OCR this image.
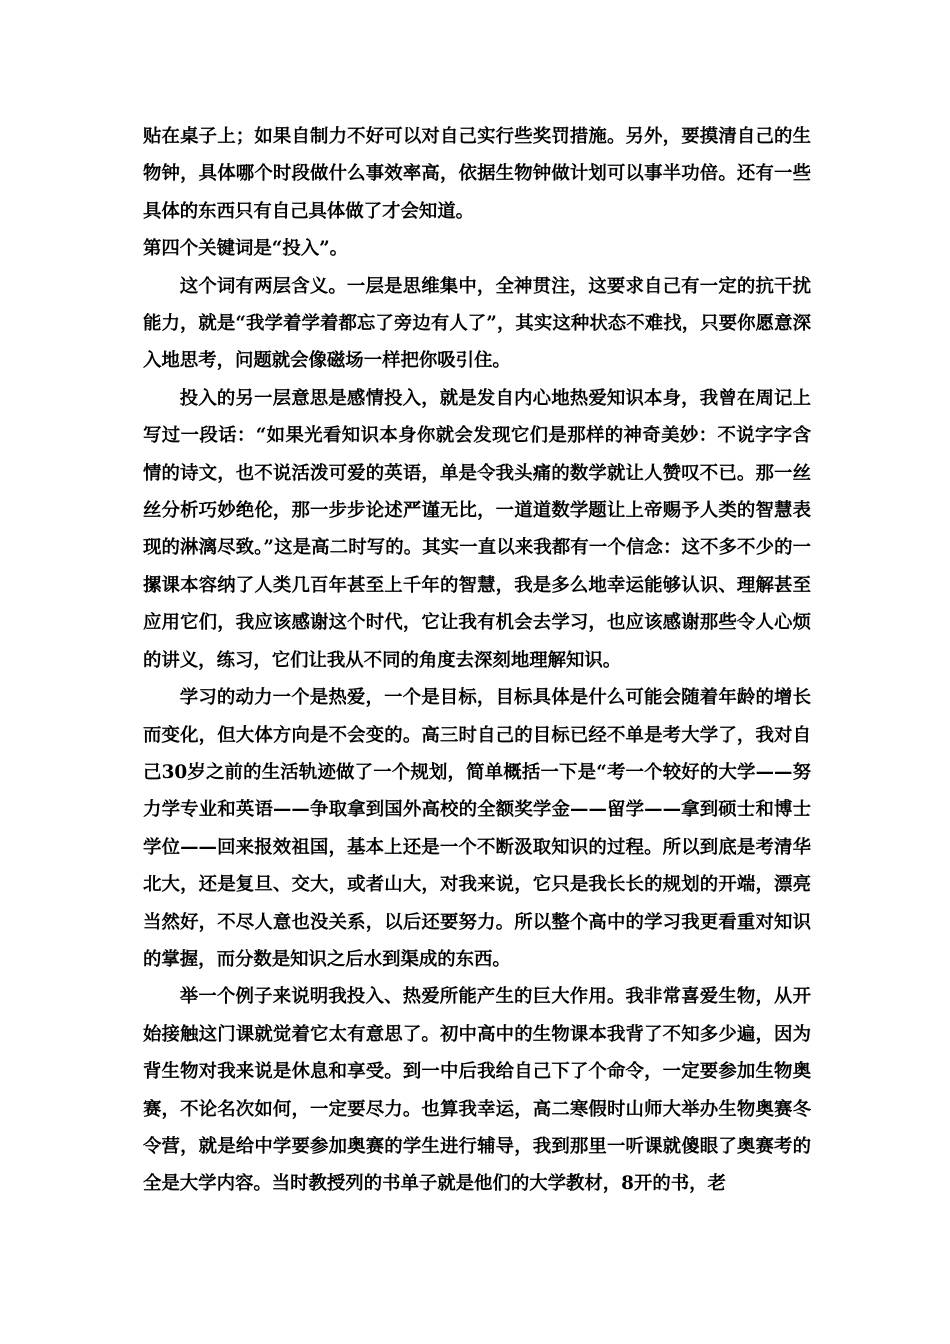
贴在桌子上；如果自制力不好可以对自己实行些奖罚措施。另外，要摸清自己的生物钟，具体哪个时段做什么事效率高，依据生物钟做计划可以事半功倍。还有一些具体的东西只有自己具体做了才会知道。

第四个关键词是“投入”。

这个词有两层含义。一层是思维集中，全神贯注，这要求自己有一定的抗干扰能力，就是“我学着学着都忘了旁边有人了”，其实这种状态不难找，只要你愿意深入地思考，问题就会像磁场一样把你吸引住。

投入的另一层意思是感情投入，就是发自内心地热爱知识本身，我曾在周记上写过一段话：“如果光看知识本身你就会发现它们是那样的神奇美妙：不说字字含情的诗文，也不说活泼可爱的英语，单是令我头痛的数学就让人赞叹不已。那一丝丝分析巧妙绝伦，那一步步论述严谨无比，一道道数学题让上帝赐予人类的智慧表现的淋漓尽致。”这是高二时写的。其实一直以来我都有一个信念：这不多不少的一摞课本容纳了人类几百年甚至上千年的智慧，我是多么地幸运能够认识、理解甚至应用它们，我应该感谢这个时代，它让我有机会去学习，也应该感谢那些令人心烦的讲义，练习，它们让我从不同的角度去深刻地理解知识。

学习的动力一个是热爱，一个是目标，目标具体是什么可能会随着年龄的增长而变化，但大体方向是不会变的。高三时自己的目标已经不单是考大学了，我对自己30岁之前的生活轨迹做了一个规划，简单概括一下是“考一个较好的大学——努力学专业和英语——争取拿到国外高校的全额奖学金——留学——拿到硕士和博士学位——回来报效祖国，基本上还是一个不断汲取知识的过程。所以到底是考清华北大，还是复旦、交大，或者山大，对我来说，它只是我长长的规划的开端，漂亮当然好，不尽人意也没关系，以后还要努力。所以整个高中的学习我更看重对知识的掌握，而分数是知识之后水到渠成的东西。

举一个例子来说明我投入、热爱所能产生的巨大作用。我非常喜爱生物，从开始接触这门课就觉着它太有意思了。初中高中的生物课本我背了不知多少遍，因为背生物对我来说是休息和享受。到一中后我给自己下了个命令，一定要参加生物奥赛，不论名次如何，一定要尽力。也算我幸运，高二寒假时山师大举办生物奥赛冬令营，就是给中学要参加奥赛的学生进行辅导，我到那里一听课就傻眼了奥赛考的全是大学内容。当时教授列的书单子就是他们的大学教材，8开的书，老
